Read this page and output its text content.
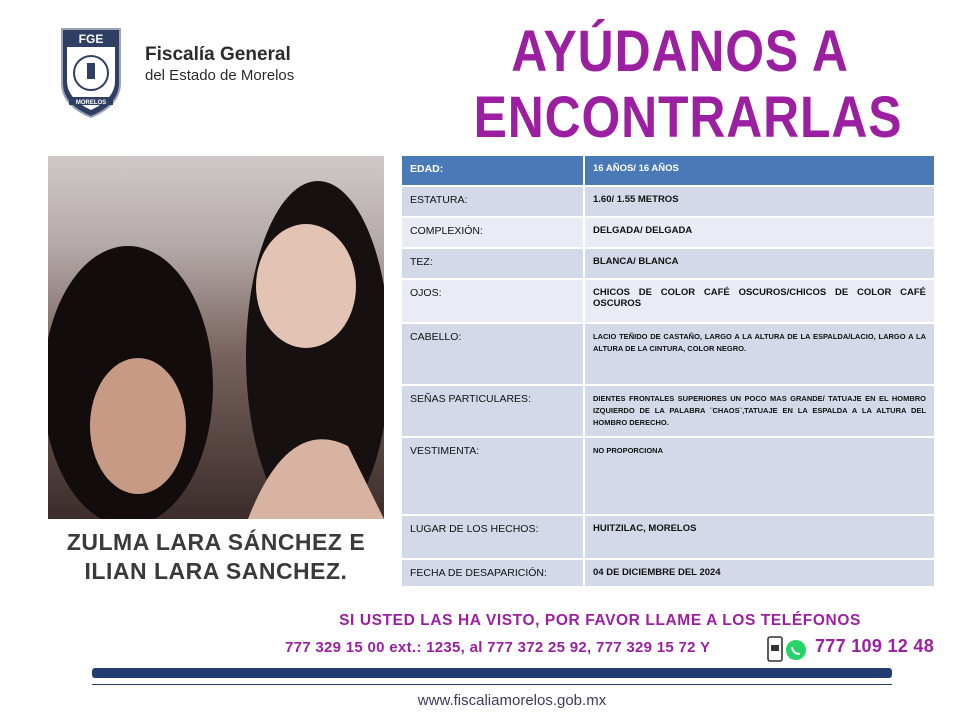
FGE
MORELOS
Fiscalía General
del Estado de Morelos	AYÚDANOS A
ENCONTRARLAS
ZULMA LARA SÁNCHEZ E
ILIAN LARA SANCHEZ.
EDAD:	16 AÑOS/ 16 AÑOS
ESTATURA:	1.60/ 1.55 METROS
COMPLEXIÓN:	DELGADA/ DELGADA
TEZ:	BLANCA/ BLANCA
OJOS:	CHICOS DE COLOR CAFÉ OSCUROS/CHICOS DE COLOR CAFÉ OSCUROS
CABELLO:	LACIO TEÑIDO DE CASTAÑO, LARGO A LA ALTURA DE LA ESPALDA/LACIO, LARGO A LA ALTURA DE LA CINTURA, COLOR NEGRO.
SEÑAS PARTICULARES:	DIENTES FRONTALES SUPERIORES UN POCO MAS GRANDE/ TATUAJE EN EL HOMBRO IZQUIERDO DE LA PALABRA ¨CHAOS¨,TATUAJE EN LA ESPALDA A LA ALTURA DEL HOMBRO DERECHO.
VESTIMENTA:	NO PROPORCIONA
LUGAR DE LOS HECHOS:	HUITZILAC, MORELOS
FECHA DE DESAPARICIÓN:	04 DE DICIEMBRE DEL 2024
SI USTED LAS HA VISTO, POR FAVOR LLAME A LOS TELÉFONOS
777 329 15 00 ext.: 1235, al 777 372 25 92, 777 329 15 72 Y	777 109 12 48
www.fiscaliamorelos.gob.mx
